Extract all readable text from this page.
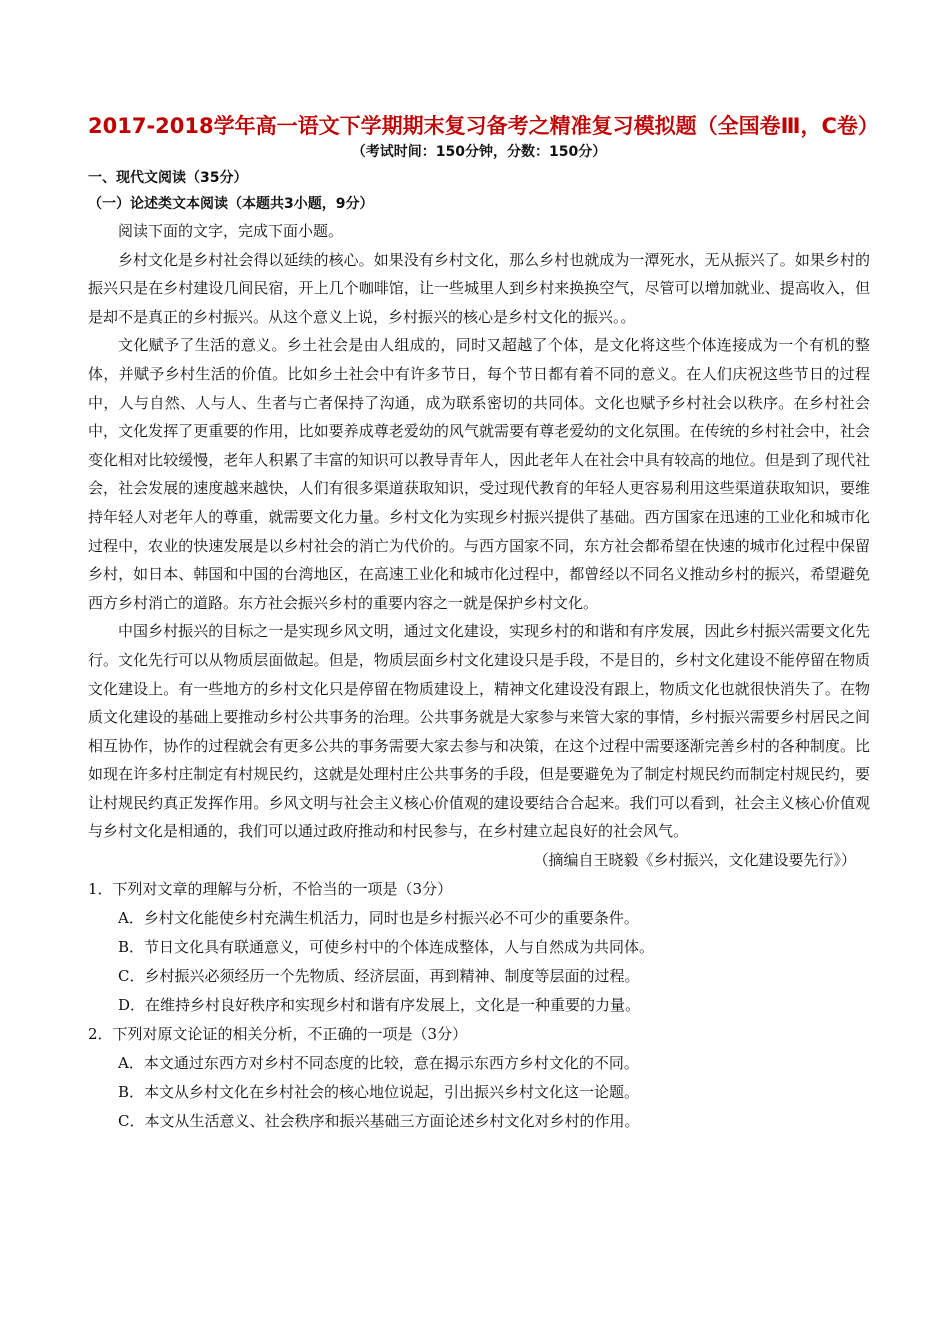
2017-2018学年高一语文下学期期末复习备考之精准复习模拟题（全国卷Ⅲ，C卷）

（考试时间：150分钟，分数：150分）

一、现代文阅读（35分）

（一）论述类文本阅读（本题共3小题，9分）

阅读下面的文字，完成下面小题。

乡村文化是乡村社会得以延续的核心。如果没有乡村文化，那么乡村也就成为一潭死水，无从振兴了。如果乡村的振兴只是在乡村建设几间民宿，开上几个咖啡馆，让一些城里人到乡村来换换空气，尽管可以增加就业、提高收入，但是却不是真正的乡村振兴。从这个意义上说，乡村振兴的核心是乡村文化的振兴。。

文化赋予了生活的意义。乡土社会是由人组成的，同时又超越了个体，是文化将这些个体连接成为一个有机的整体，并赋予乡村生活的价值。比如乡土社会中有许多节日，每个节日都有着不同的意义。在人们庆祝这些节日的过程中，人与自然、人与人、生者与亡者保持了沟通，成为联系密切的共同体。文化也赋予乡村社会以秩序。在乡村社会中，文化发挥了更重要的作用，比如要养成尊老爱幼的风气就需要有尊老爱幼的文化氛围。在传统的乡村社会中，社会变化相对比较缓慢，老年人积累了丰富的知识可以教导青年人，因此老年人在社会中具有较高的地位。但是到了现代社会，社会发展的速度越来越快，人们有很多渠道获取知识，受过现代教育的年轻人更容易利用这些渠道获取知识，要维持年轻人对老年人的尊重，就需要文化力量。乡村文化为实现乡村振兴提供了基础。西方国家在迅速的工业化和城市化过程中，农业的快速发展是以乡村社会的消亡为代价的。与西方国家不同，东方社会都希望在快速的城市化过程中保留乡村，如日本、韩国和中国的台湾地区，在高速工业化和城市化过程中，都曾经以不同名义推动乡村的振兴，希望避免西方乡村消亡的道路。东方社会振兴乡村的重要内容之一就是保护乡村文化。

中国乡村振兴的目标之一是实现乡风文明，通过文化建设，实现乡村的和谐和有序发展，因此乡村振兴需要文化先行。文化先行可以从物质层面做起。但是，物质层面乡村文化建设只是手段，不是目的，乡村文化建设不能停留在物质文化建设上。有一些地方的乡村文化只是停留在物质建设上，精神文化建设没有跟上，物质文化也就很快消失了。在物质文化建设的基础上要推动乡村公共事务的治理。公共事务就是大家参与来管大家的事情，乡村振兴需要乡村居民之间相互协作，协作的过程就会有更多公共的事务需要大家去参与和决策，在这个过程中需要逐渐完善乡村的各种制度。比如现在许多村庄制定有村规民约，这就是处理村庄公共事务的手段，但是要避免为了制定村规民约而制定村规民约，要让村规民约真正发挥作用。乡风文明与社会主义核心价值观的建设要结合合起来。我们可以看到，社会主义核心价值观与乡村文化是相通的，我们可以通过政府推动和村民参与，在乡村建立起良好的社会风气。

（摘编自王晓毅《乡村振兴，文化建设要先行》）

1．下列对文章的理解与分析，不恰当的一项是（3分）

A．乡村文化能使乡村充满生机活力，同时也是乡村振兴必不可少的重要条件。

B．节日文化具有联通意义，可使乡村中的个体连成整体，人与自然成为共同体。

C．乡村振兴必须经历一个先物质、经济层面，再到精神、制度等层面的过程。

D．在维持乡村良好秩序和实现乡村和谐有序发展上，文化是一种重要的力量。

2．下列对原文论证的相关分析，不正确的一项是（3分）

A．本文通过东西方对乡村不同态度的比较，意在揭示东西方乡村文化的不同。

B．本文从乡村文化在乡村社会的核心地位说起，引出振兴乡村文化这一论题。

C．本文从生活意义、社会秩序和振兴基础三方面论述乡村文化对乡村的作用。
